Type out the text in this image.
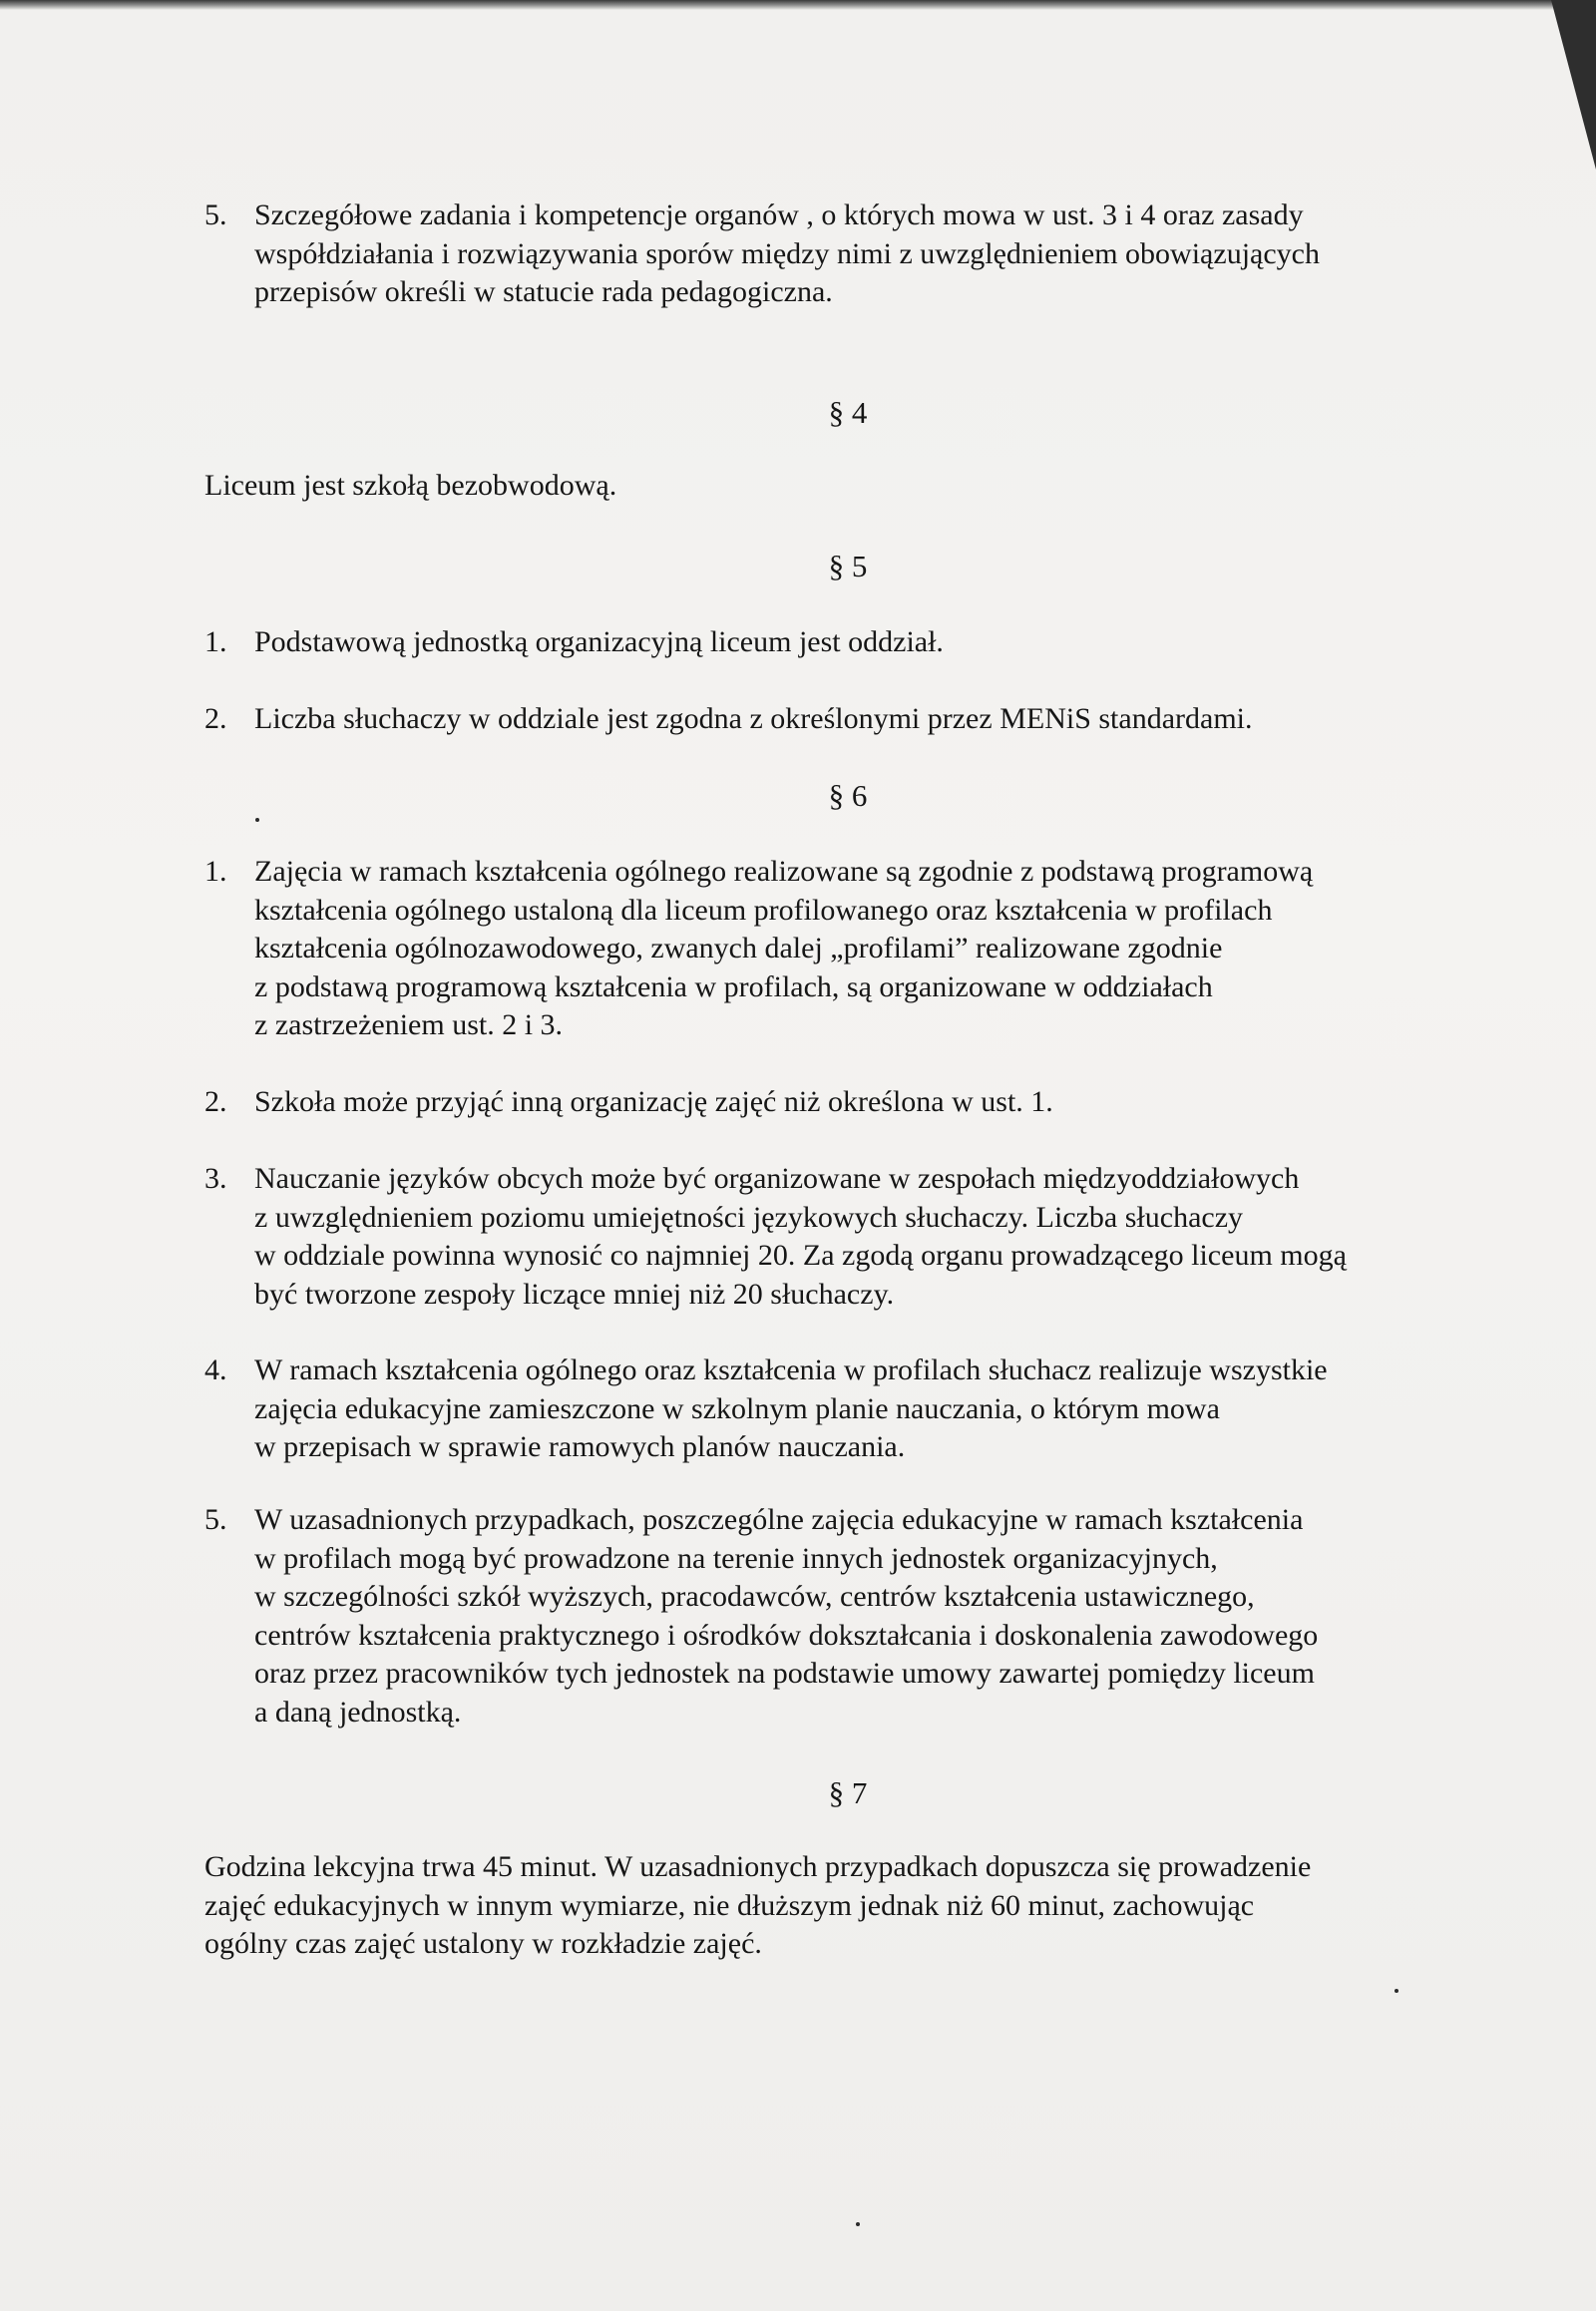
5. Szczegółowe zadania i kompetencje organów , o których mowa w ust. 3 i 4 oraz zasady
współdziałania i rozwiązywania sporów między nimi z uwzględnieniem obowiązujących
przepisów określi w statucie rada pedagogiczna.
§ 4
Liceum jest szkołą bezobwodową.
§ 5
1. Podstawową jednostką organizacyjną liceum jest oddział.
2. Liczba słuchaczy w oddziale jest zgodna z określonymi przez MENiS standardami.
§ 6
1. Zajęcia w ramach kształcenia ogólnego realizowane są zgodnie z podstawą programową
kształcenia ogólnego ustaloną dla liceum profilowanego oraz kształcenia w profilach
kształcenia ogólnozawodowego, zwanych dalej „profilami” realizowane zgodnie
z podstawą programową kształcenia w profilach, są organizowane w oddziałach
z zastrzeżeniem ust. 2 i 3.
2. Szkoła może przyjąć inną organizację zajęć niż określona w ust. 1.
3. Nauczanie języków obcych może być organizowane w zespołach międzyoddziałowych
z uwzględnieniem poziomu umiejętności językowych słuchaczy. Liczba słuchaczy
w oddziale powinna wynosić co najmniej 20. Za zgodą organu prowadzącego liceum mogą
być tworzone zespoły liczące mniej niż 20 słuchaczy.
4. W ramach kształcenia ogólnego oraz kształcenia w profilach słuchacz realizuje wszystkie
zajęcia edukacyjne zamieszczone w szkolnym planie nauczania, o którym mowa
w przepisach w sprawie ramowych planów nauczania.
5. W uzasadnionych przypadkach, poszczególne zajęcia edukacyjne w ramach kształcenia
w profilach mogą być prowadzone na terenie innych jednostek organizacyjnych,
w szczególności szkół wyższych, pracodawców, centrów kształcenia ustawicznego,
centrów kształcenia praktycznego i ośrodków dokształcania i doskonalenia zawodowego
oraz przez pracowników tych jednostek na podstawie umowy zawartej pomiędzy liceum
a daną jednostką.
§ 7
Godzina lekcyjna trwa 45 minut. W uzasadnionych przypadkach dopuszcza się prowadzenie
zajęć edukacyjnych w innym wymiarze, nie dłuższym jednak niż 60 minut, zachowując
ogólny czas zajęć ustalony w rozkładzie zajęć.
